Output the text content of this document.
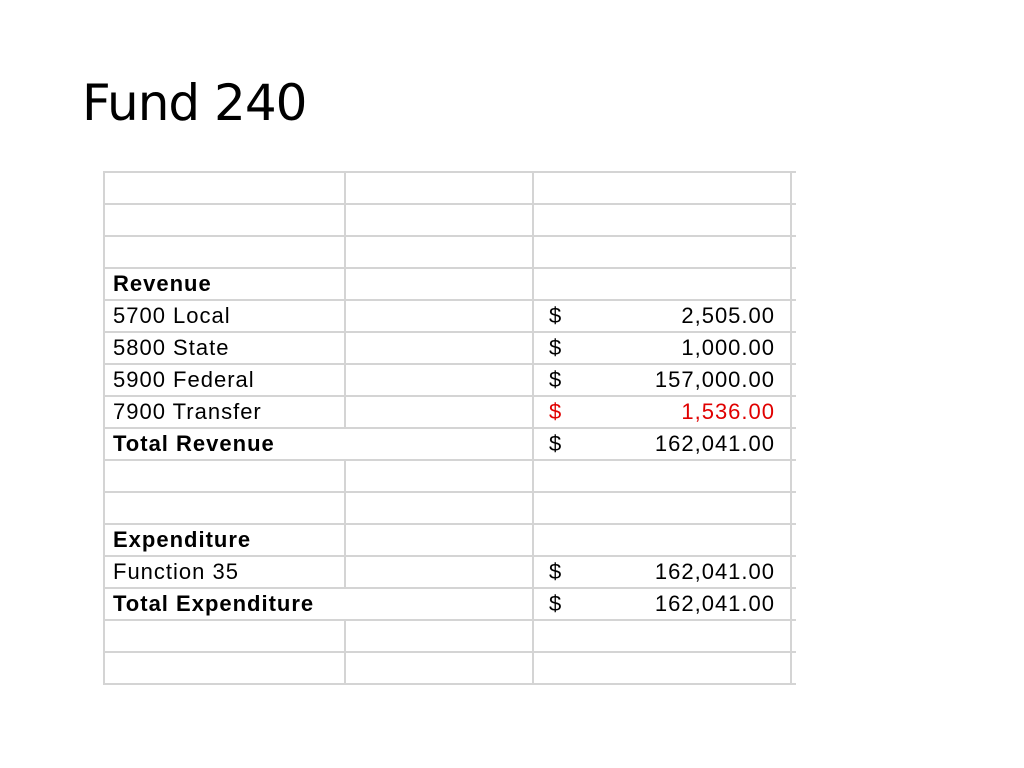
Fund 240
Revenue
5700 Local	$	2,505.00
5800 State	$	1,000.00
5900 Federal	$	157,000.00
7900 Transfer	$	1,536.00
Total Revenue	$	162,041.00
Expenditure
Function 35	$	162,041.00
Total Expenditure	$	162,041.00
